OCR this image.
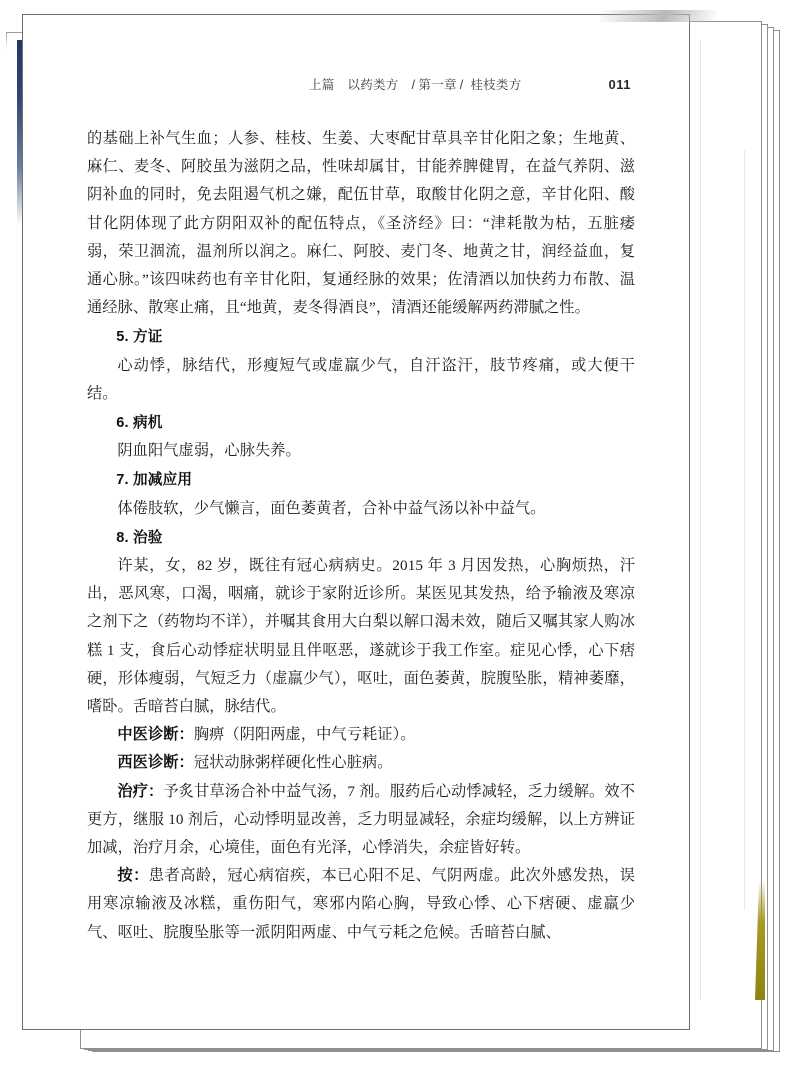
上篇　以药类方 / 第一章 / 桂枝类方	011

的基础上补气生血；人参、桂枝、生姜、大枣配甘草具辛甘化阳之象；生地黄、麻仁、麦冬、阿胶虽为滋阴之品，性味却属甘，甘能养脾健胃，在益气养阴、滋阴补血的同时，免去阻遏气机之嫌，配伍甘草，取酸甘化阴之意，辛甘化阳、酸甘化阴体现了此方阴阳双补的配伍特点，《圣济经》曰：“津耗散为枯，五脏痿弱，荣卫涸流，温剂所以润之。麻仁、阿胶、麦门冬、地黄之甘，润经益血，复通心脉。”该四味药也有辛甘化阳，复通经脉的效果；佐清酒以加快药力布散、温通经脉、散寒止痛，且“地黄，麦冬得酒良”，清酒还能缓解两药滞腻之性。

5. 方证

心动悸，脉结代，形瘦短气或虚羸少气，自汗盗汗，肢节疼痛，或大便干结。

6. 病机

阴血阳气虚弱，心脉失养。

7. 加减应用

体倦肢软，少气懒言，面色萎黄者，合补中益气汤以补中益气。

8. 治验

许某，女，82 岁，既往有冠心病病史。2015 年 3 月因发热，心胸烦热，汗出，恶风寒，口渴，咽痛，就诊于家附近诊所。某医见其发热，给予输液及寒凉之剂下之（药物均不详），并嘱其食用大白梨以解口渴未效，随后又嘱其家人购冰糕 1 支，食后心动悸症状明显且伴呕恶，遂就诊于我工作室。症见心悸，心下痞硬，形体瘦弱，气短乏力（虚羸少气），呕吐，面色萎黄，脘腹坠胀，精神萎靡，嗜卧。舌暗苔白腻，脉结代。

中医诊断：胸痹（阴阳两虚，中气亏耗证）。

西医诊断：冠状动脉粥样硬化性心脏病。

治疗：予炙甘草汤合补中益气汤，7 剂。服药后心动悸减轻，乏力缓解。效不更方，继服 10 剂后，心动悸明显改善，乏力明显减轻，余症均缓解，以上方辨证加减，治疗月余，心境佳，面色有光泽，心悸消失，余症皆好转。

按：患者高龄，冠心病宿疾，本已心阳不足、气阴两虚。此次外感发热，误用寒凉输液及冰糕，重伤阳气，寒邪内陷心胸，导致心悸、心下痞硬、虚羸少气、呕吐、脘腹坠胀等一派阴阳两虚、中气亏耗之危候。舌暗苔白腻、
